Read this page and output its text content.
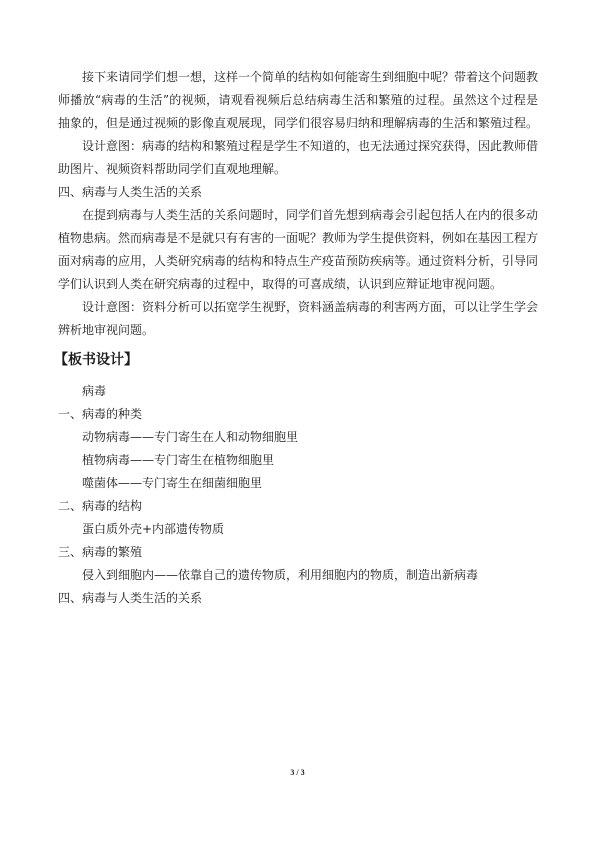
接下来请同学们想一想，这样一个简单的结构如何能寄生到细胞中呢？带着这个问题教师播放“病毒的生活”的视频，请观看视频后总结病毒生活和繁殖的过程。虽然这个过程是抽象的，但是通过视频的影像直观展现，同学们很容易归纳和理解病毒的生活和繁殖过程。

设计意图：病毒的结构和繁殖过程是学生不知道的，也无法通过探究获得，因此教师借助图片、视频资料帮助同学们直观地理解。

四、病毒与人类生活的关系

在提到病毒与人类生活的关系问题时，同学们首先想到病毒会引起包括人在内的很多动植物患病。然而病毒是不是就只有有害的一面呢？教师为学生提供资料，例如在基因工程方面对病毒的应用，人类研究病毒的结构和特点生产疫苗预防疾病等。通过资料分析，引导同学们认识到人类在研究病毒的过程中，取得的可喜成绩，认识到应辩证地审视问题。

设计意图：资料分析可以拓宽学生视野，资料涵盖病毒的利害两方面，可以让学生学会辨析地审视问题。

【板书设计】

病毒

一、病毒的种类

动物病毒——专门寄生在人和动物细胞里

植物病毒——专门寄生在植物细胞里

噬菌体——专门寄生在细菌细胞里

二、病毒的结构

蛋白质外壳+内部遗传物质

三、病毒的繁殖

侵入到细胞内——依靠自己的遗传物质，利用细胞内的物质，制造出新病毒

四、病毒与人类生活的关系

3 / 3
